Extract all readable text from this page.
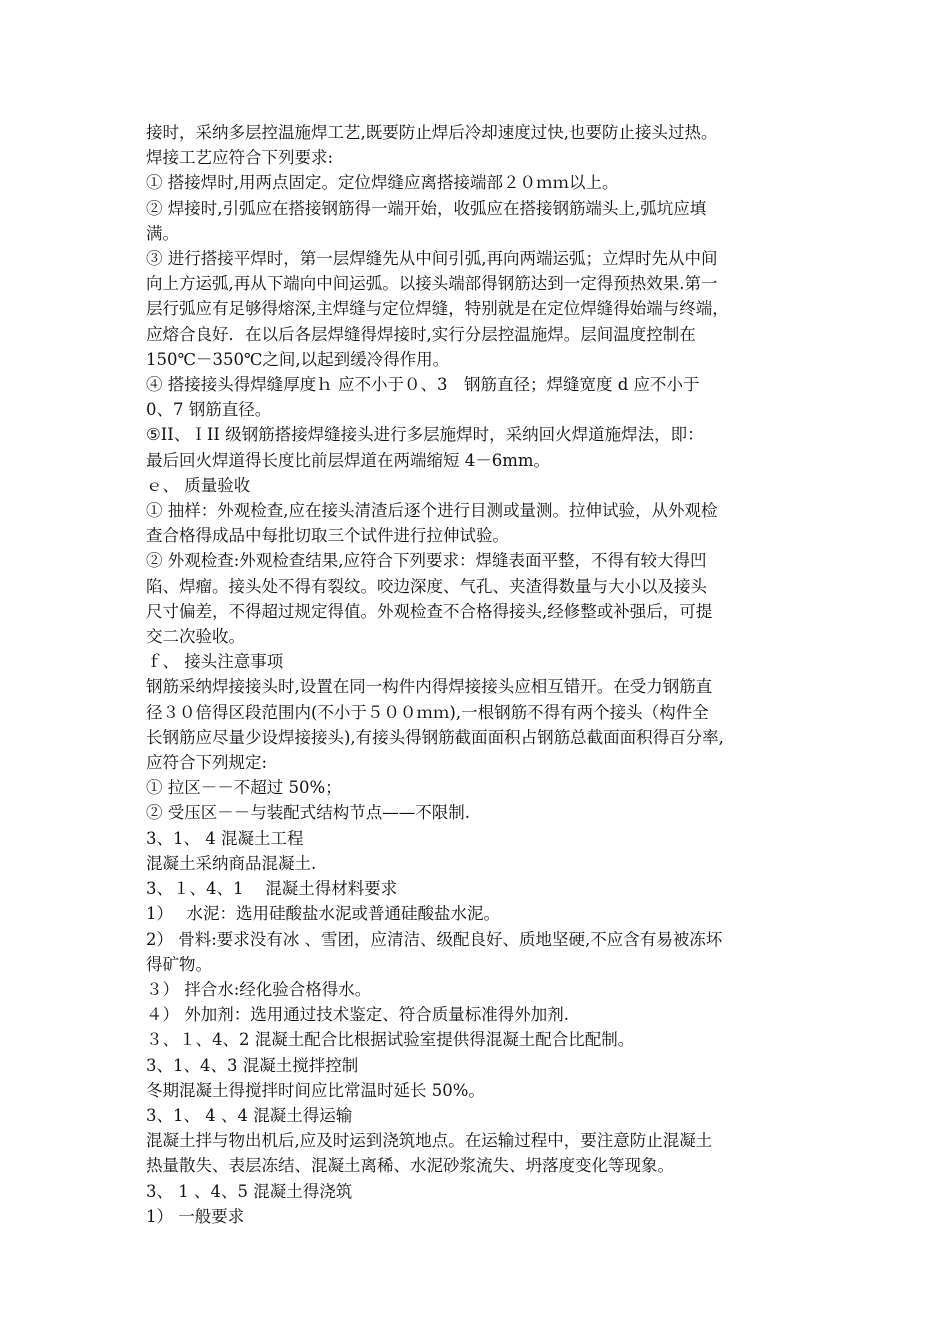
接时，采纳多层控温施焊工艺,既要防止焊后冷却速度过快,也要防止接头过热。
焊接工艺应符合下列要求:
① 搭接焊时,用两点固定。定位焊缝应离搭接端部２０ｍｍ以上。
② 焊接时,引弧应在搭接钢筋得一端开始，收弧应在搭接钢筋端头上,弧坑应填
满。
③ 进行搭接平焊时，第一层焊缝先从中间引弧,再向两端运弧；立焊时先从中间
向上方运弧,再从下端向中间运弧。以接头端部得钢筋达到一定得预热效果.第一
层行弧应有足够得熔深,主焊缝与定位焊缝，特别就是在定位焊缝得始端与终端，
应熔合良好．在以后各层焊缝得焊接时,实行分层控温施焊。层间温度控制在
150℃－350℃之间,以起到缓冷得作用。
④ 搭接接头得焊缝厚度ｈ 应不小于０、3　钢筋直径；焊缝宽度 d 应不小于
0、7 钢筋直径。
⑤II、ＩII 级钢筋搭接焊缝接头进行多层施焊时，采纳回火焊道施焊法，即：
最后回火焊道得长度比前层焊道在两端缩短 4－6mm。
ｅ、 质量验收
① 抽样：外观检查,应在接头清渣后逐个进行目测或量测。拉伸试验，从外观检
查合格得成品中每批切取三个试件进行拉伸试验。
② 外观检查:外观检查结果,应符合下列要求：焊缝表面平整，不得有较大得凹
陷、焊瘤。接头处不得有裂纹。咬边深度、气孔、夹渣得数量与大小以及接头
尺寸偏差，不得超过规定得值。外观检查不合格得接头,经修整或补强后，可提
交二次验收。
ｆ、 接头注意事项
钢筋采纳焊接接头时,设置在同一构件内得焊接接头应相互错开。在受力钢筋直
径３０倍得区段范围内(不小于５００ｍｍ),一根钢筋不得有两个接头（构件全
长钢筋应尽量少设焊接接头),有接头得钢筋截面面积占钢筋总截面面积得百分率,
应符合下列规定:
① 拉区－－不超过 50%；
② 受压区－－与装配式结构节点——不限制.
3、1、 4 混凝土工程
混凝土采纳商品混凝土.
3、１、4、1　 混凝土得材料要求
1）　 水泥：选用硅酸盐水泥或普通硅酸盐水泥。
2） 骨料:要求没有冰 、雪团，应清洁、级配良好、质地坚硬,不应含有易被冻坏
得矿物。
３） 拌合水:经化验合格得水。
４） 外加剂：选用通过技术鉴定、符合质量标准得外加剂.
３、１、4、2 混凝土配合比根据试验室提供得混凝土配合比配制。
3、1、4、3 混凝土搅拌控制
冬期混凝土得搅拌时间应比常温时延长 50%。
3、1、 4 、4 混凝土得运输
混凝土拌与物出机后,应及时运到浇筑地点。在运输过程中，要注意防止混凝土
热量散失、表层冻结、混凝土离稀、水泥砂浆流失、坍落度变化等现象。
3、 1 、4、5 混凝土得浇筑
1） 一般要求
